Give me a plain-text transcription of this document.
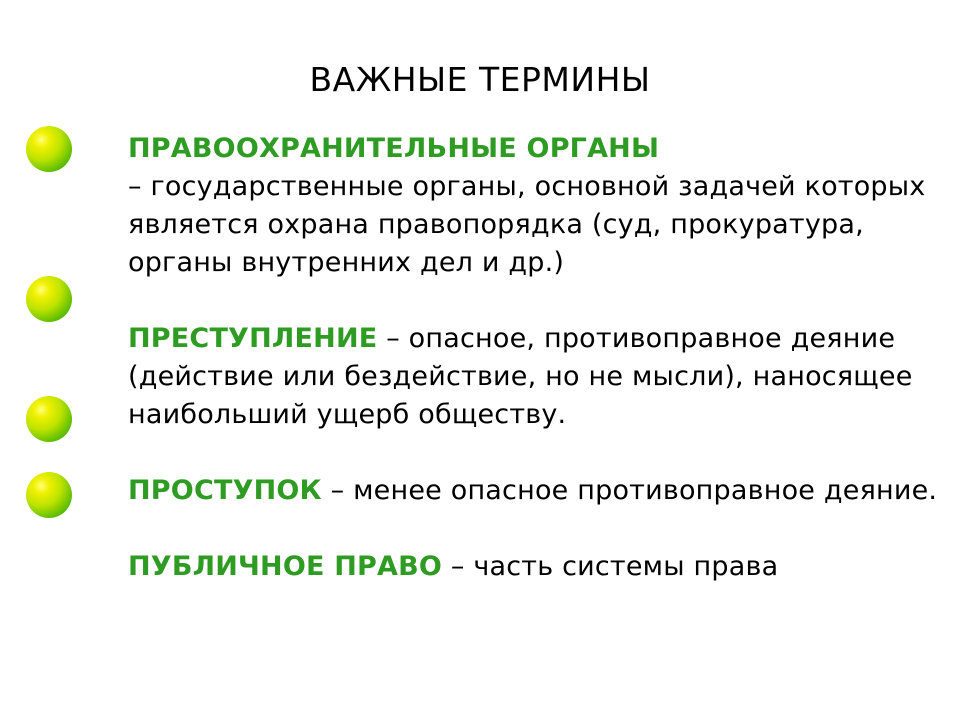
ВАЖНЫЕ ТЕРМИНЫ
ПРАВООХРАНИТЕЛЬНЫЕ ОРГАНЫ
– государственные органы, основной задачей которых является охрана правопорядка (суд, прокуратура, органы внутренних дел и др.)
ПРЕСТУПЛЕНИЕ – опасное, противоправное деяние (действие или бездействие, но не мысли), наносящее наибольший ущерб обществу.
ПРОСТУПОК – менее опасное противоправное деяние.
ПУБЛИЧНОЕ ПРАВО – часть системы права
